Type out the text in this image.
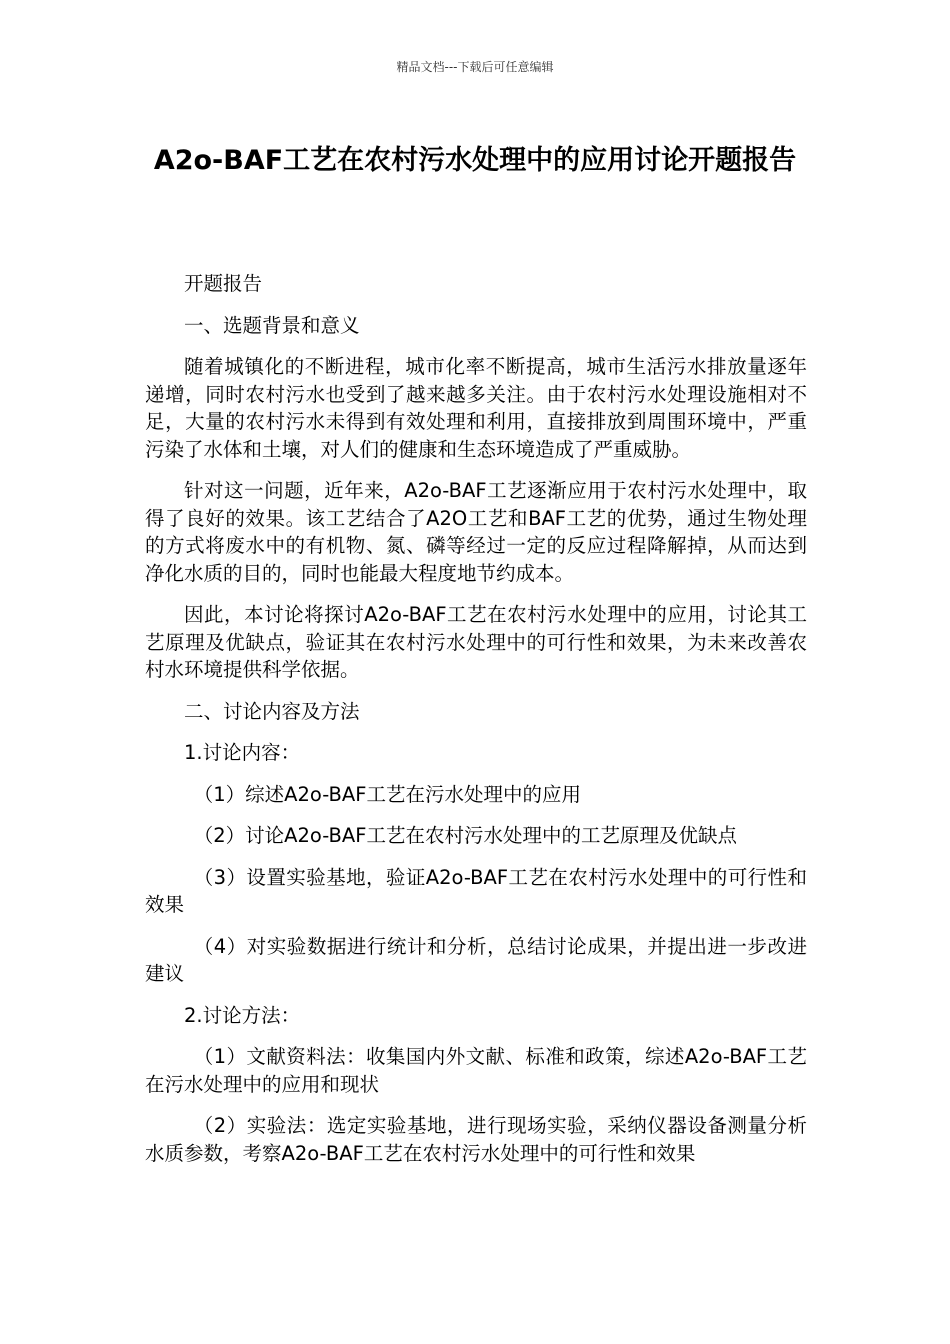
精品文档---下载后可任意编辑
A2o-BAF工艺在农村污水处理中的应用讨论开题报告

开题报告

一、选题背景和意义

随着城镇化的不断进程，城市化率不断提高，城市生活污水排放量逐年递增，同时农村污水也受到了越来越多关注。由于农村污水处理设施相对不足，大量的农村污水未得到有效处理和利用，直接排放到周围环境中，严重污染了水体和土壤，对人们的健康和生态环境造成了严重威胁。

针对这一问题，近年来，A2o-BAF工艺逐渐应用于农村污水处理中，取得了良好的效果。该工艺结合了A2O工艺和BAF工艺的优势，通过生物处理的方式将废水中的有机物、氮、磷等经过一定的反应过程降解掉，从而达到净化水质的目的，同时也能最大程度地节约成本。

因此，本讨论将探讨A2o-BAF工艺在农村污水处理中的应用，讨论其工艺原理及优缺点，验证其在农村污水处理中的可行性和效果，为未来改善农村水环境提供科学依据。

二、讨论内容及方法

1.讨论内容：

（1）综述A2o-BAF工艺在污水处理中的应用

（2）讨论A2o-BAF工艺在农村污水处理中的工艺原理及优缺点

（3）设置实验基地，验证A2o-BAF工艺在农村污水处理中的可行性和效果

（4）对实验数据进行统计和分析，总结讨论成果，并提出进一步改进建议

2.讨论方法：

（1）文献资料法：收集国内外文献、标准和政策，综述A2o-BAF工艺在污水处理中的应用和现状

（2）实验法：选定实验基地，进行现场实验，采纳仪器设备测量分析水质参数，考察A2o-BAF工艺在农村污水处理中的可行性和效果
